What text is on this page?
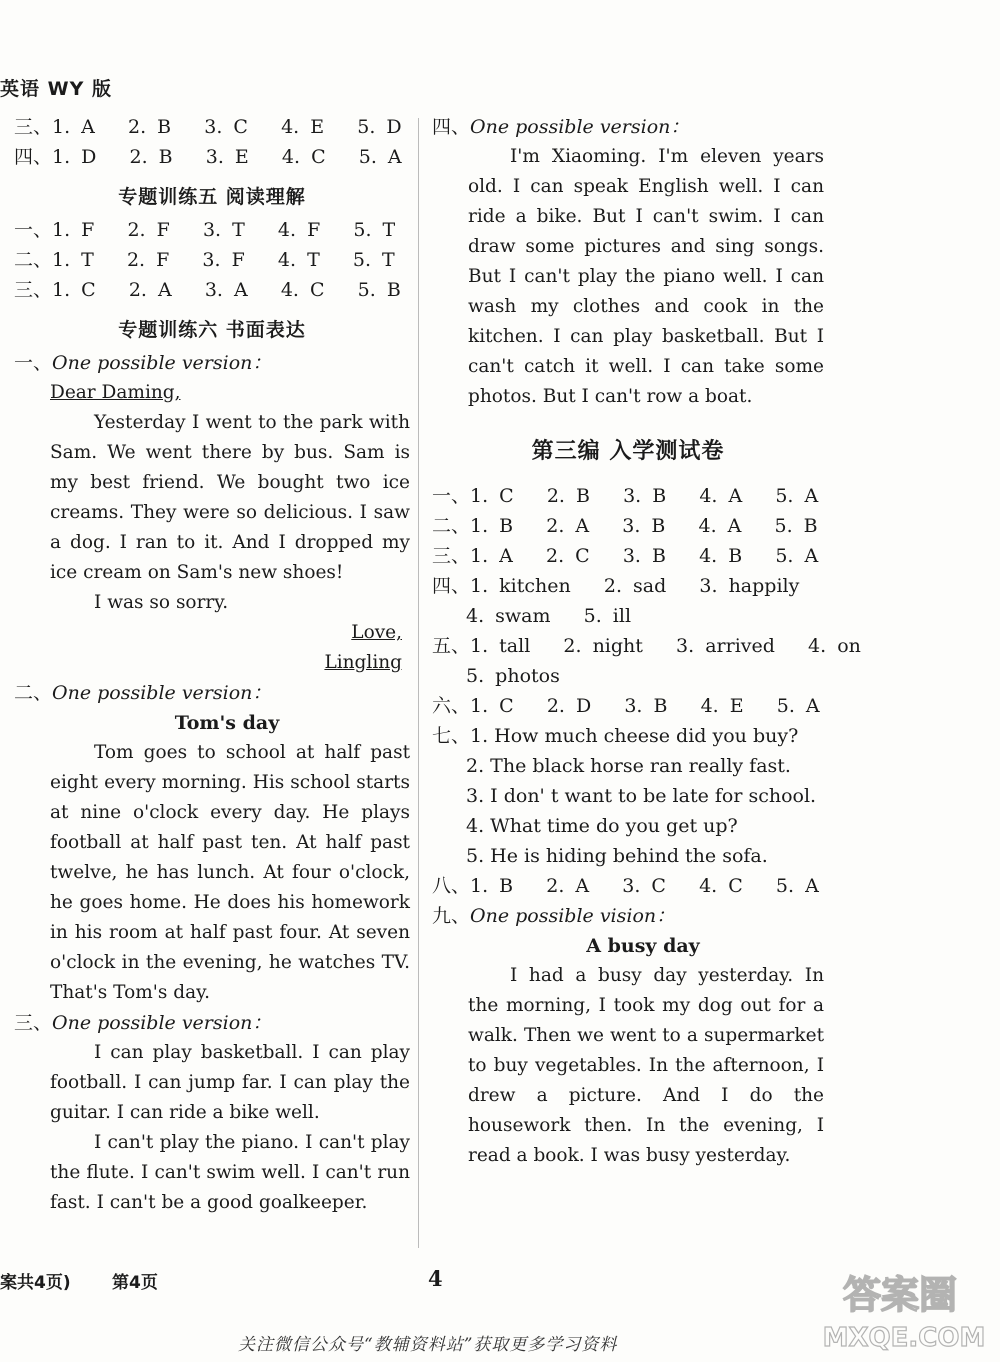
英语 WY 版
三、1. A   2. B   3. C   4. E   5. D
四、1. D   2. B   3. E   4. C   5. A
专题训练五 阅读理解
一、1. F   2. F   3. T   4. F   5. T
二、1. T   2. F   3. F   4. T   5. T
三、1. C   2. A   3. A   4. C   5. B
专题训练六 书面表达
一、One possible version：
Dear Daming,

Yesterday I went to the park with Sam. We went there by bus. Sam is my best friend. We bought two ice creams. They were so delicious. I saw a dog. I ran to it. And I dropped my ice cream on Sam's new shoes!

I was so sorry.

Love,
Lingling
二、One possible version：
Tom's day

Tom goes to school at half past eight every morning. His school starts at nine o'clock every day. He plays football at half past ten. At half past twelve, he has lunch. At four o'clock, he goes home. He does his homework in his room at half past four. At seven o'clock in the evening, he watches TV. That's Tom's day.

三、One possible version：

I can play basketball. I can play football. I can jump far. I can play the guitar. I can ride a bike well.

I can't play the piano. I can't play the flute. I can't swim well. I can't run fast. I can't be a good goalkeeper.

四、One possible version：

I'm Xiaoming. I'm eleven years old. I can speak English well. I can ride a bike. But I can't swim. I can draw some pictures and sing songs. But I can't play the piano well. I can wash my clothes and cook in the kitchen. I can play basketball. But I can't catch it well. I can take some photos. But I can't row a boat.

第三编 入学测试卷
一、1. C   2. B   3. B   4. A   5. A
二、1. B   2. A   3. B   4. A   5. B
三、1. A   2. C   3. B   4. B   5. A
四、1. kitchen   2. sad   3. happily
4. swam   5. ill
五、1. tall   2. night   3. arrived   4. on
5. photos
六、1. C   2. D   3. B   4. E   5. A
七、1. How much cheese did you buy?
2. The black horse ran really fast.
3. I don' t want to be late for school.
4. What time do you get up?
5. He is hiding behind the sofa.
八、1. B   2. A   3. C   4. C   5. A
九、One possible vision：
A busy day

I had a busy day yesterday. In the morning, I took my dog out for a walk. Then we went to a supermarket to buy vegetables. In the afternoon, I drew a picture. And I do the housework then. In the evening, I read a book. I was busy yesterday.

案共4页) 第4页	4
关注微信公众号“教辅资料站”获取更多学习资料
答案圈
MXQE.COM
